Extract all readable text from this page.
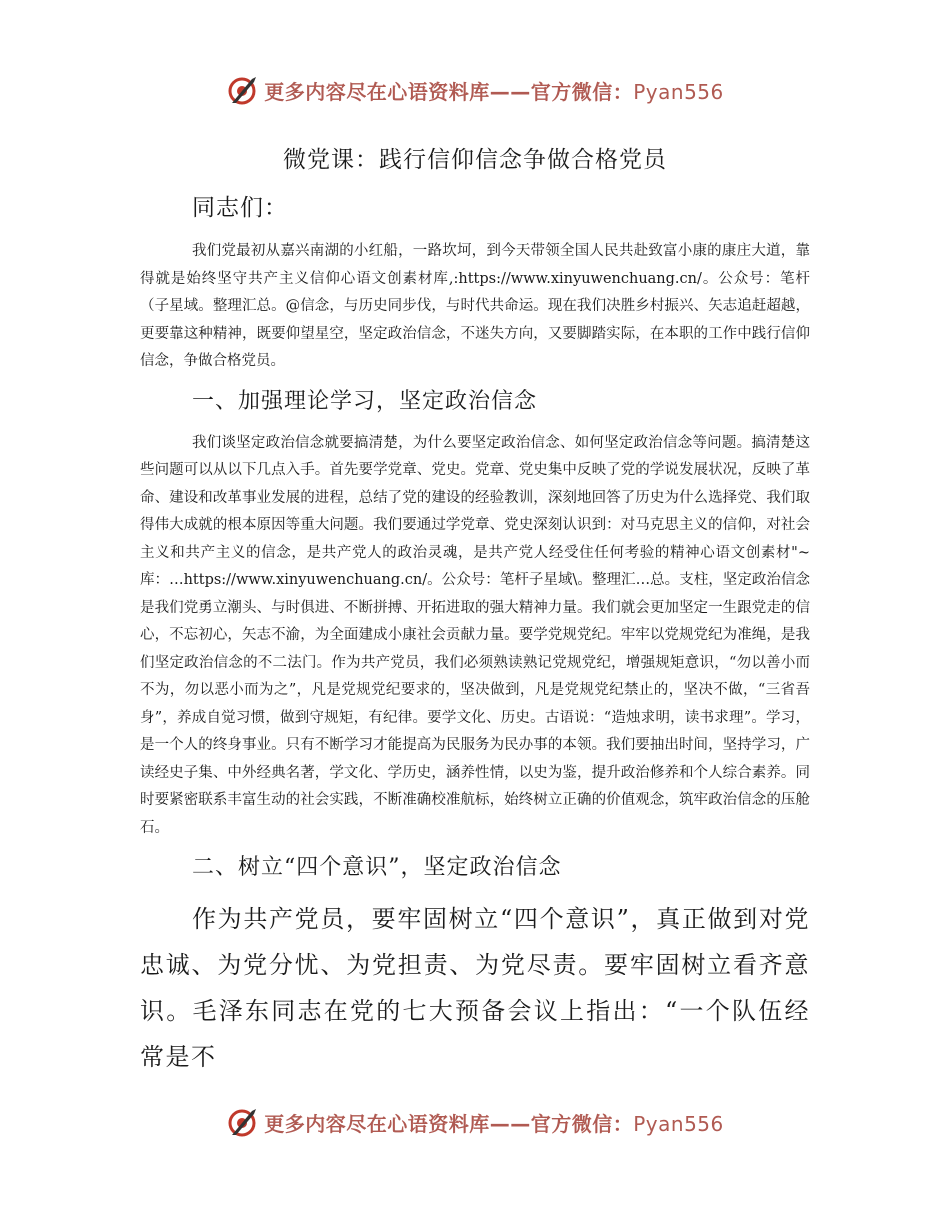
更多内容尽在心语资料库——官方微信：Pyan556
微党课：践行信仰信念争做合格党员
同志们：

我们党最初从嘉兴南湖的小红船，一路坎坷，到今天带领全国人民共赴致富小康的康庄大道，靠得就是始终坚守共产主义信仰心语文创素材库,:https://www.xinyuwenchuang.cn/。公众号：笔杆（子星域。整理汇总。@信念，与历史同步伐，与时代共命运。现在我们决胜乡村振兴、矢志追赶超越，更要靠这种精神，既要仰望星空，坚定政治信念，不迷失方向，又要脚踏实际，在本职的工作中践行信仰信念，争做合格党员。

一、加强理论学习，坚定政治信念

我们谈坚定政治信念就要搞清楚，为什么要坚定政治信念、如何坚定政治信念等问题。搞清楚这些问题可以从以下几点入手。首先要学党章、党史。党章、党史集中反映了党的学说发展状况，反映了革命、建设和改革事业发展的进程，总结了党的建设的经验教训，深刻地回答了历史为什么选择党、我们取得伟大成就的根本原因等重大问题。我们要通过学党章、党史深刻认识到：对马克思主义的信仰，对社会主义和共产主义的信念，是共产党人的政治灵魂，是共产党人经受住任何考验的精神心语文创素材"~库：…https://www.xinyuwenchuang.cn/。公众号：笔杆子星域\。整理汇…总。支柱，坚定政治信念是我们党勇立潮头、与时俱进、不断拼搏、开拓进取的强大精神力量。我们就会更加坚定一生跟党走的信心，不忘初心，矢志不渝，为全面建成小康社会贡献力量。要学党规党纪。牢牢以党规党纪为准绳，是我们坚定政治信念的不二法门。作为共产党员，我们必须熟读熟记党规党纪，增强规矩意识，“勿以善小而不为，勿以恶小而为之”，凡是党规党纪要求的，坚决做到，凡是党规党纪禁止的，坚决不做，“三省吾身”，养成自觉习惯，做到守规矩，有纪律。要学文化、历史。古语说：“造烛求明，读书求理”。学习，是一个人的终身事业。只有不断学习才能提高为民服务为民办事的本领。我们要抽出时间，坚持学习，广读经史子集、中外经典名著，学文化、学历史，涵养性情，以史为鉴，提升政治修养和个人综合素养。同时要紧密联系丰富生动的社会实践，不断准确校准航标，始终树立正确的价值观念，筑牢政治信念的压舱石。

二、树立“四个意识”，坚定政治信念

作为共产党员，要牢固树立“四个意识”，真正做到对党忠诚、为党分忧、为党担责、为党尽责。要牢固树立看齐意识。毛泽东同志在党的七大预备会议上指出：“一个队伍经常是不

更多内容尽在心语资料库——官方微信：Pyan556
